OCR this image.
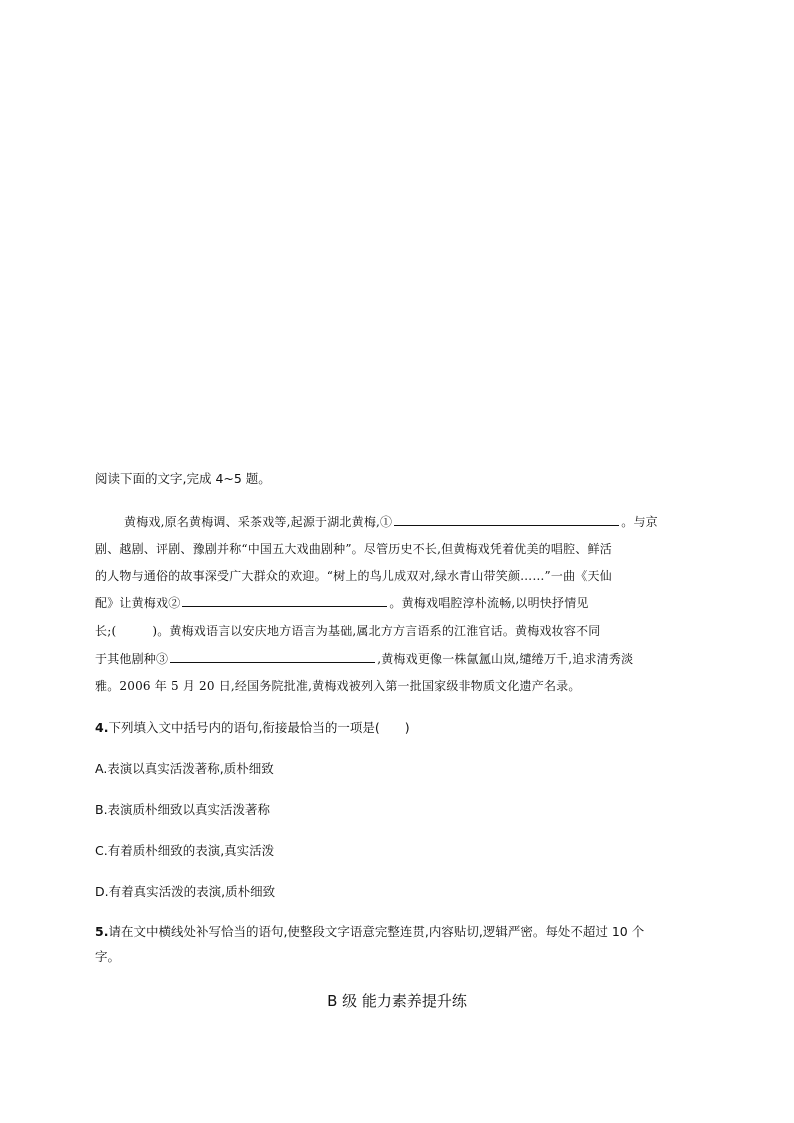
阅读下面的文字,完成 4~5 题。
黄梅戏,原名黄梅调、采茶戏等,起源于湖北黄梅,①	。与京
剧、越剧、评剧、豫剧并称“中国五大戏曲剧种”。尽管历史不长,但黄梅戏凭着优美的唱腔、鲜活
的人物与通俗的故事深受广大群众的欢迎。“树上的鸟儿成双对,绿水青山带笑颜……”一曲《天仙
配》让黄梅戏②	。黄梅戏唱腔淳朴流畅,以明快抒情见
长;(	)。黄梅戏语言以安庆地方语言为基础,属北方方言语系的江淮官话。黄梅戏妆容不同
于其他剧种③	,黄梅戏更像一株氤氲山岚,缱绻万千,追求清秀淡
雅。2006 年 5 月 20 日,经国务院批准,黄梅戏被列入第一批国家级非物质文化遗产名录。
4.下列填入文中括号内的语句,衔接最恰当的一项是(　　)
A.表演以真实活泼著称,质朴细致
B.表演质朴细致以真实活泼著称
C.有着质朴细致的表演,真实活泼
D.有着真实活泼的表演,质朴细致
5.请在文中横线处补写恰当的语句,使整段文字语意完整连贯,内容贴切,逻辑严密。每处不超过 10 个
字。
B 级 能力素养提升练
